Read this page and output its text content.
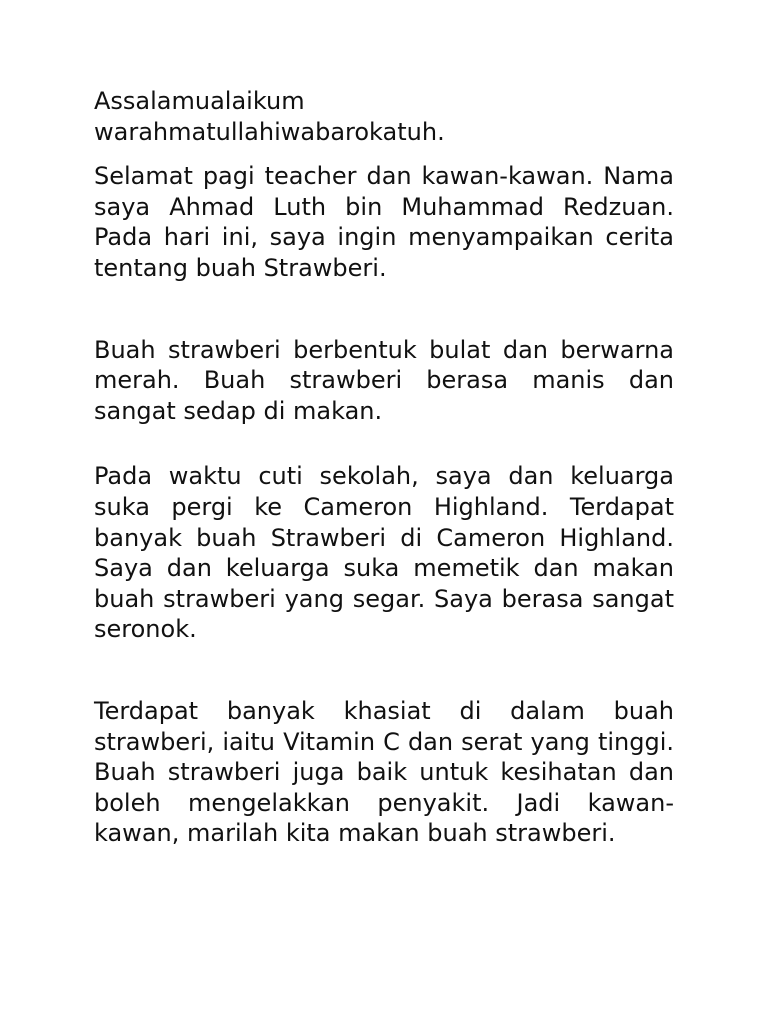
Assalamualaikum
warahmatullahiwabarokatuh.

Selamat pagi teacher dan kawan-kawan. Nama saya Ahmad Luth bin Muhammad Redzuan. Pada hari ini, saya ingin menyampaikan cerita tentang buah Strawberi.

Buah strawberi berbentuk bulat dan berwarna merah. Buah strawberi berasa manis dan sangat sedap di makan.

Pada waktu cuti sekolah, saya dan keluarga suka pergi ke Cameron Highland. Terdapat banyak buah Strawberi di Cameron Highland. Saya dan keluarga suka memetik dan makan buah strawberi yang segar. Saya berasa sangat seronok.

Terdapat banyak khasiat di dalam buah strawberi, iaitu Vitamin C dan serat yang tinggi. Buah strawberi juga baik untuk kesihatan dan boleh mengelakkan penyakit. Jadi kawan-kawan, marilah kita makan buah strawberi.
